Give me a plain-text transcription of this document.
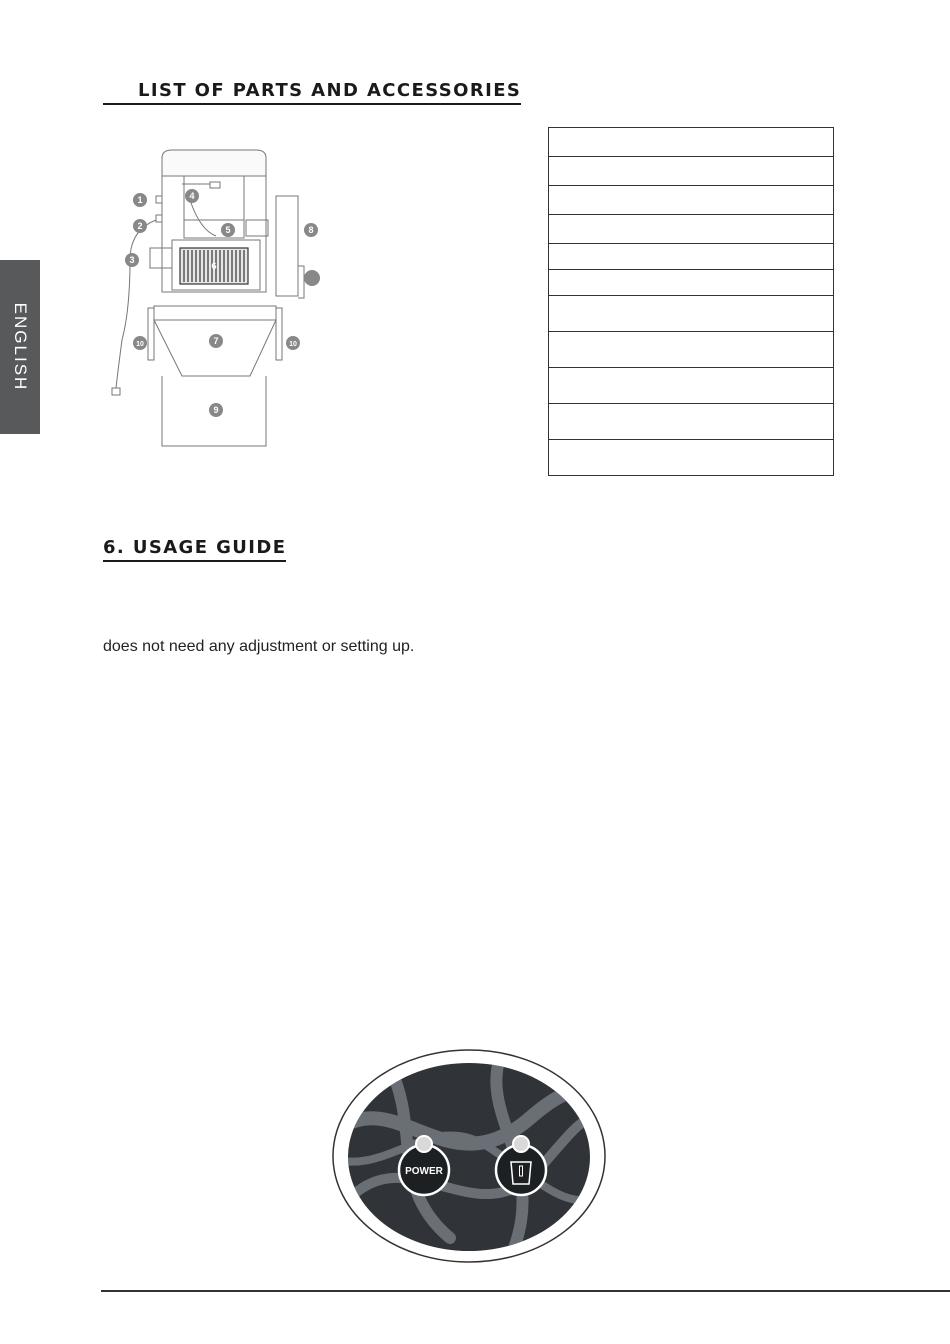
ENGLISH
LIST OF PARTS AND ACCESSORIES
1
2
3
4
5
6
7
8
9
10	10

6. USAGE GUIDE
does not need any adjustment or setting up.
POWER
